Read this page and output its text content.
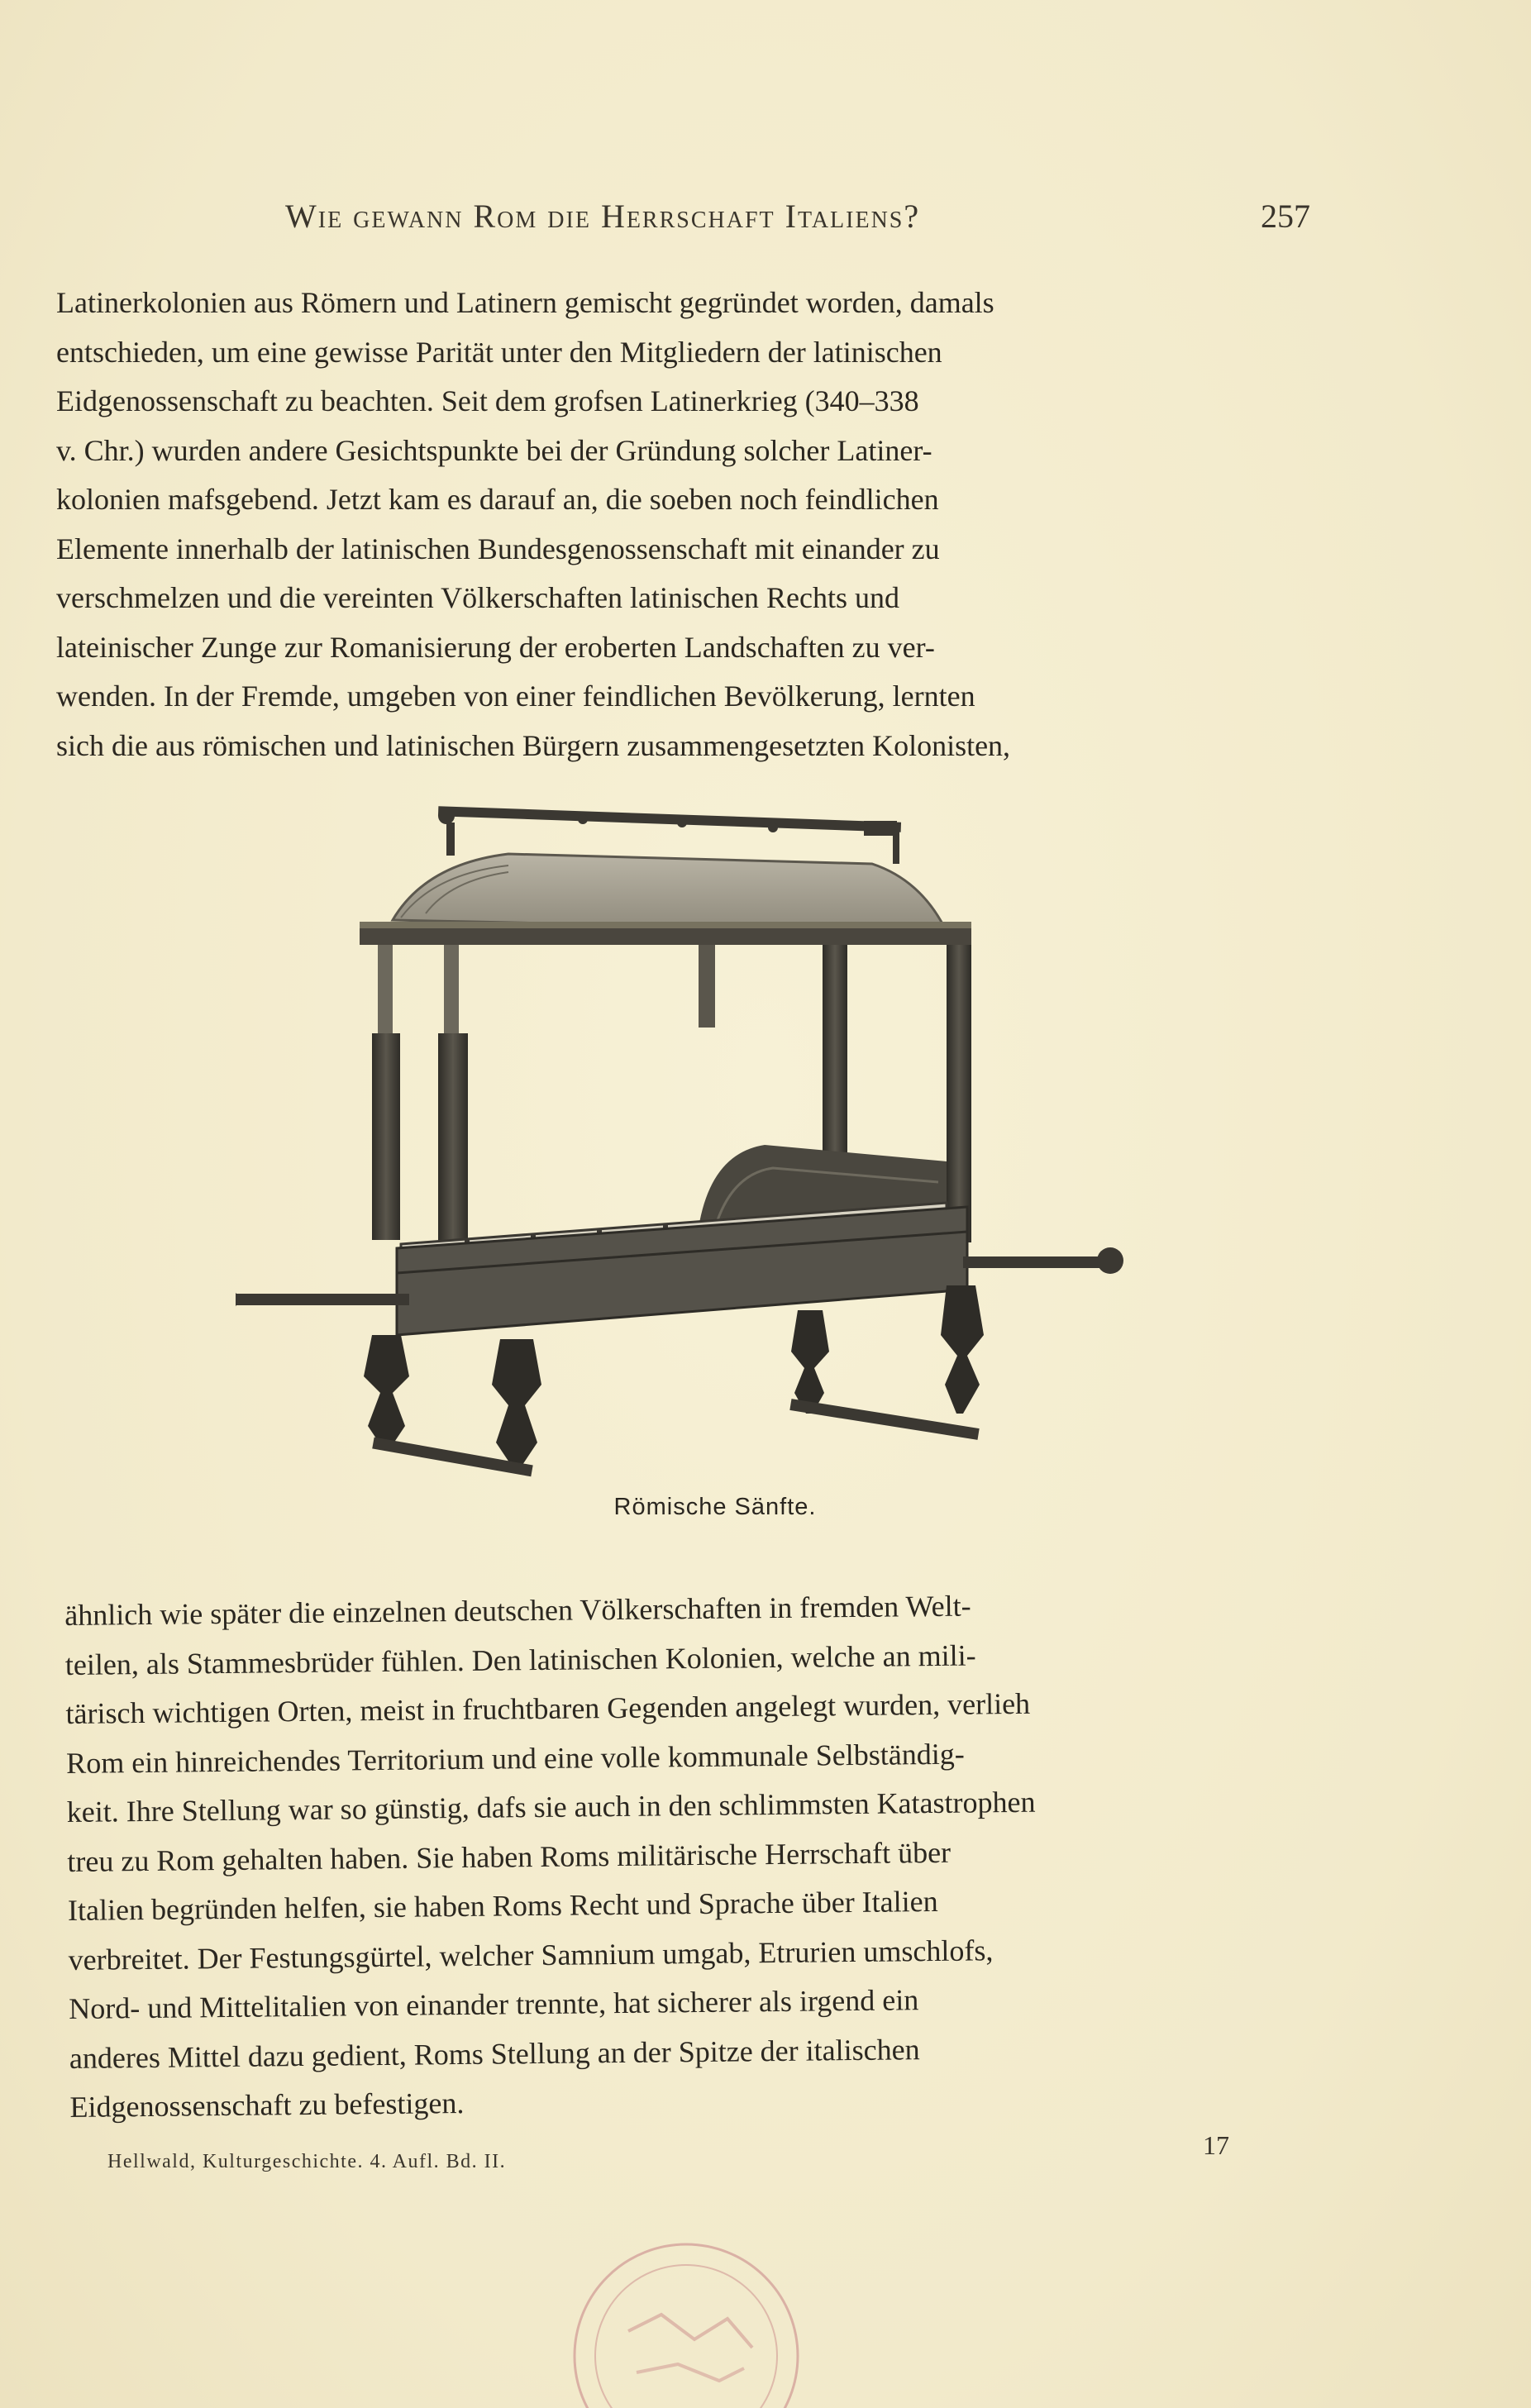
Wie gewann Rom die Herrschaft Italiens?	257
Latinerkolonien aus Römern und Latinern gemischt gegründet worden, damals
entschieden, um eine gewisse Parität unter den Mitgliedern der latinischen
Eidgenossenschaft zu beachten. Seit dem grofsen Latinerkrieg (340–338
v. Chr.) wurden andere Gesichtspunkte bei der Gründung solcher Latiner-
kolonien mafsgebend. Jetzt kam es darauf an, die soeben noch feindlichen
Elemente innerhalb der latinischen Bundesgenossenschaft mit einander zu
verschmelzen und die vereinten Völkerschaften latinischen Rechts und
lateinischer Zunge zur Romanisierung der eroberten Landschaften zu ver-
wenden. In der Fremde, umgeben von einer feindlichen Bevölkerung, lernten
sich die aus römischen und latinischen Bürgern zusammengesetzten Kolonisten,
Römische Sänfte.
ähnlich wie später die einzelnen deutschen Völkerschaften in fremden Welt-
teilen, als Stammesbrüder fühlen. Den latinischen Kolonien, welche an mili-
tärisch wichtigen Orten, meist in fruchtbaren Gegenden angelegt wurden, verlieh
Rom ein hinreichendes Territorium und eine volle kommunale Selbständig-
keit. Ihre Stellung war so günstig, dafs sie auch in den schlimmsten Katastrophen
treu zu Rom gehalten haben. Sie haben Roms militärische Herrschaft über
Italien begründen helfen, sie haben Roms Recht und Sprache über Italien
verbreitet. Der Festungsgürtel, welcher Samnium umgab, Etrurien umschlofs,
Nord- und Mittelitalien von einander trennte, hat sicherer als irgend ein
anderes Mittel dazu gedient, Roms Stellung an der Spitze der italischen
Eidgenossenschaft zu befestigen.
Hellwald, Kulturgeschichte. 4. Aufl. Bd. II.
17
